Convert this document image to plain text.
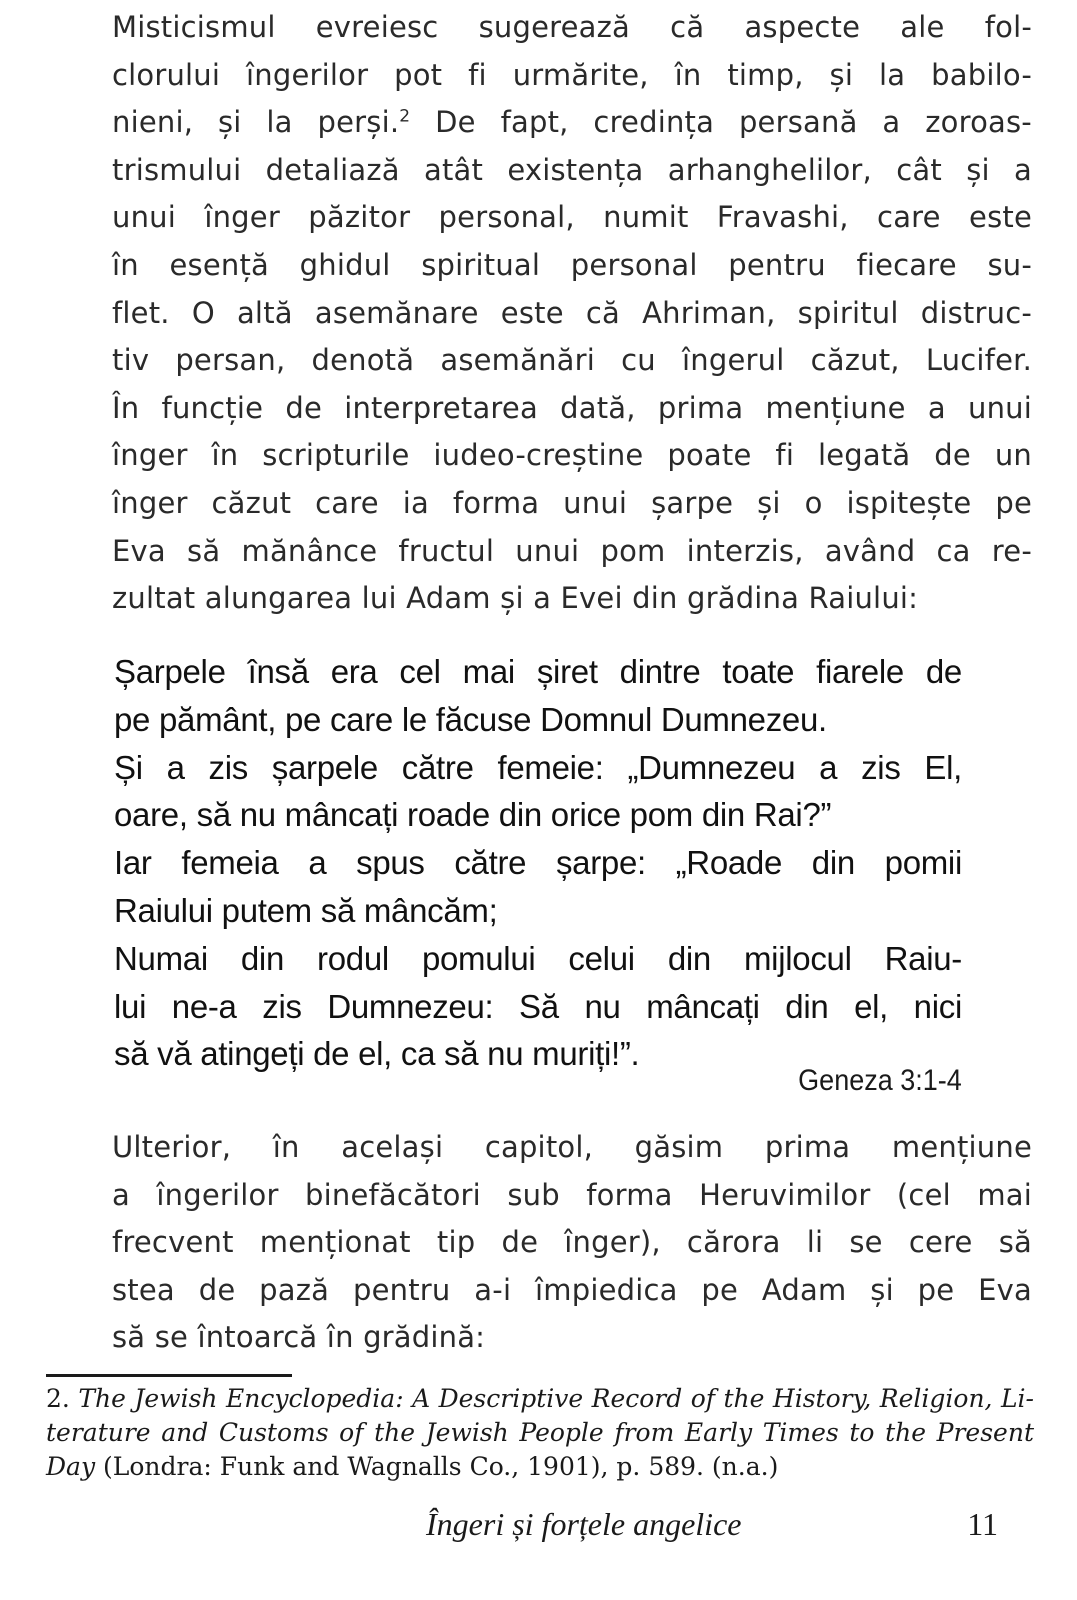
Misticismul evreiesc sugerează că aspecte ale fol-
clorului îngerilor pot fi urmărite, în timp, și la babilo-
nieni, și la perși.$^2$ De fapt, credința persană a zoroas-
trismului detaliază atât existența arhanghelilor, cât și a
unui înger păzitor personal, numit Fravashi, care este
în esență ghidul spiritual personal pentru fiecare su-
flet. O altă asemănare este că Ahriman, spiritul distruc-
tiv persan, denotă asemănări cu îngerul căzut, Lucifer.
În funcție de interpretarea dată, prima mențiune a unui
înger în scripturile iudeo-creștine poate fi legată de un
înger căzut care ia forma unui șarpe și o ispitește pe
Eva să mănânce fructul unui pom interzis, având ca re-
zultat alungarea lui Adam și a Evei din grădina Raiului:
Șarpele însă era cel mai șiret dintre toate fiarele de
pe pământ, pe care le făcuse Domnul Dumnezeu.
Și a zis șarpele către femeie: „Dumnezeu a zis El,
oare, să nu mâncați roade din orice pom din Rai?”
Iar femeia a spus către șarpe: „Roade din pomii
Raiului putem să mâncăm;
Numai din rodul pomului celui din mijlocul Raiu-
lui ne-a zis Dumnezeu: Să nu mâncați din el, nici
să vă atingeți de el, ca să nu muriți!”.
Geneza 3:1-4
Ulterior, în același capitol, găsim prima mențiune
a îngerilor binefăcători sub forma Heruvimilor (cel mai
frecvent menționat tip de înger), cărora li se cere să
stea de pază pentru a-i împiedica pe Adam și pe Eva
să se întoarcă în grădină:
2. The Jewish Encyclopedia: A Descriptive Record of the History, Religion, Li-
terature and Customs of the Jewish People from Early Times to the Present
Day (Londra: Funk and Wagnalls Co., 1901), p. 589. (n.a.)
Îngeri și forțele angelice	11
